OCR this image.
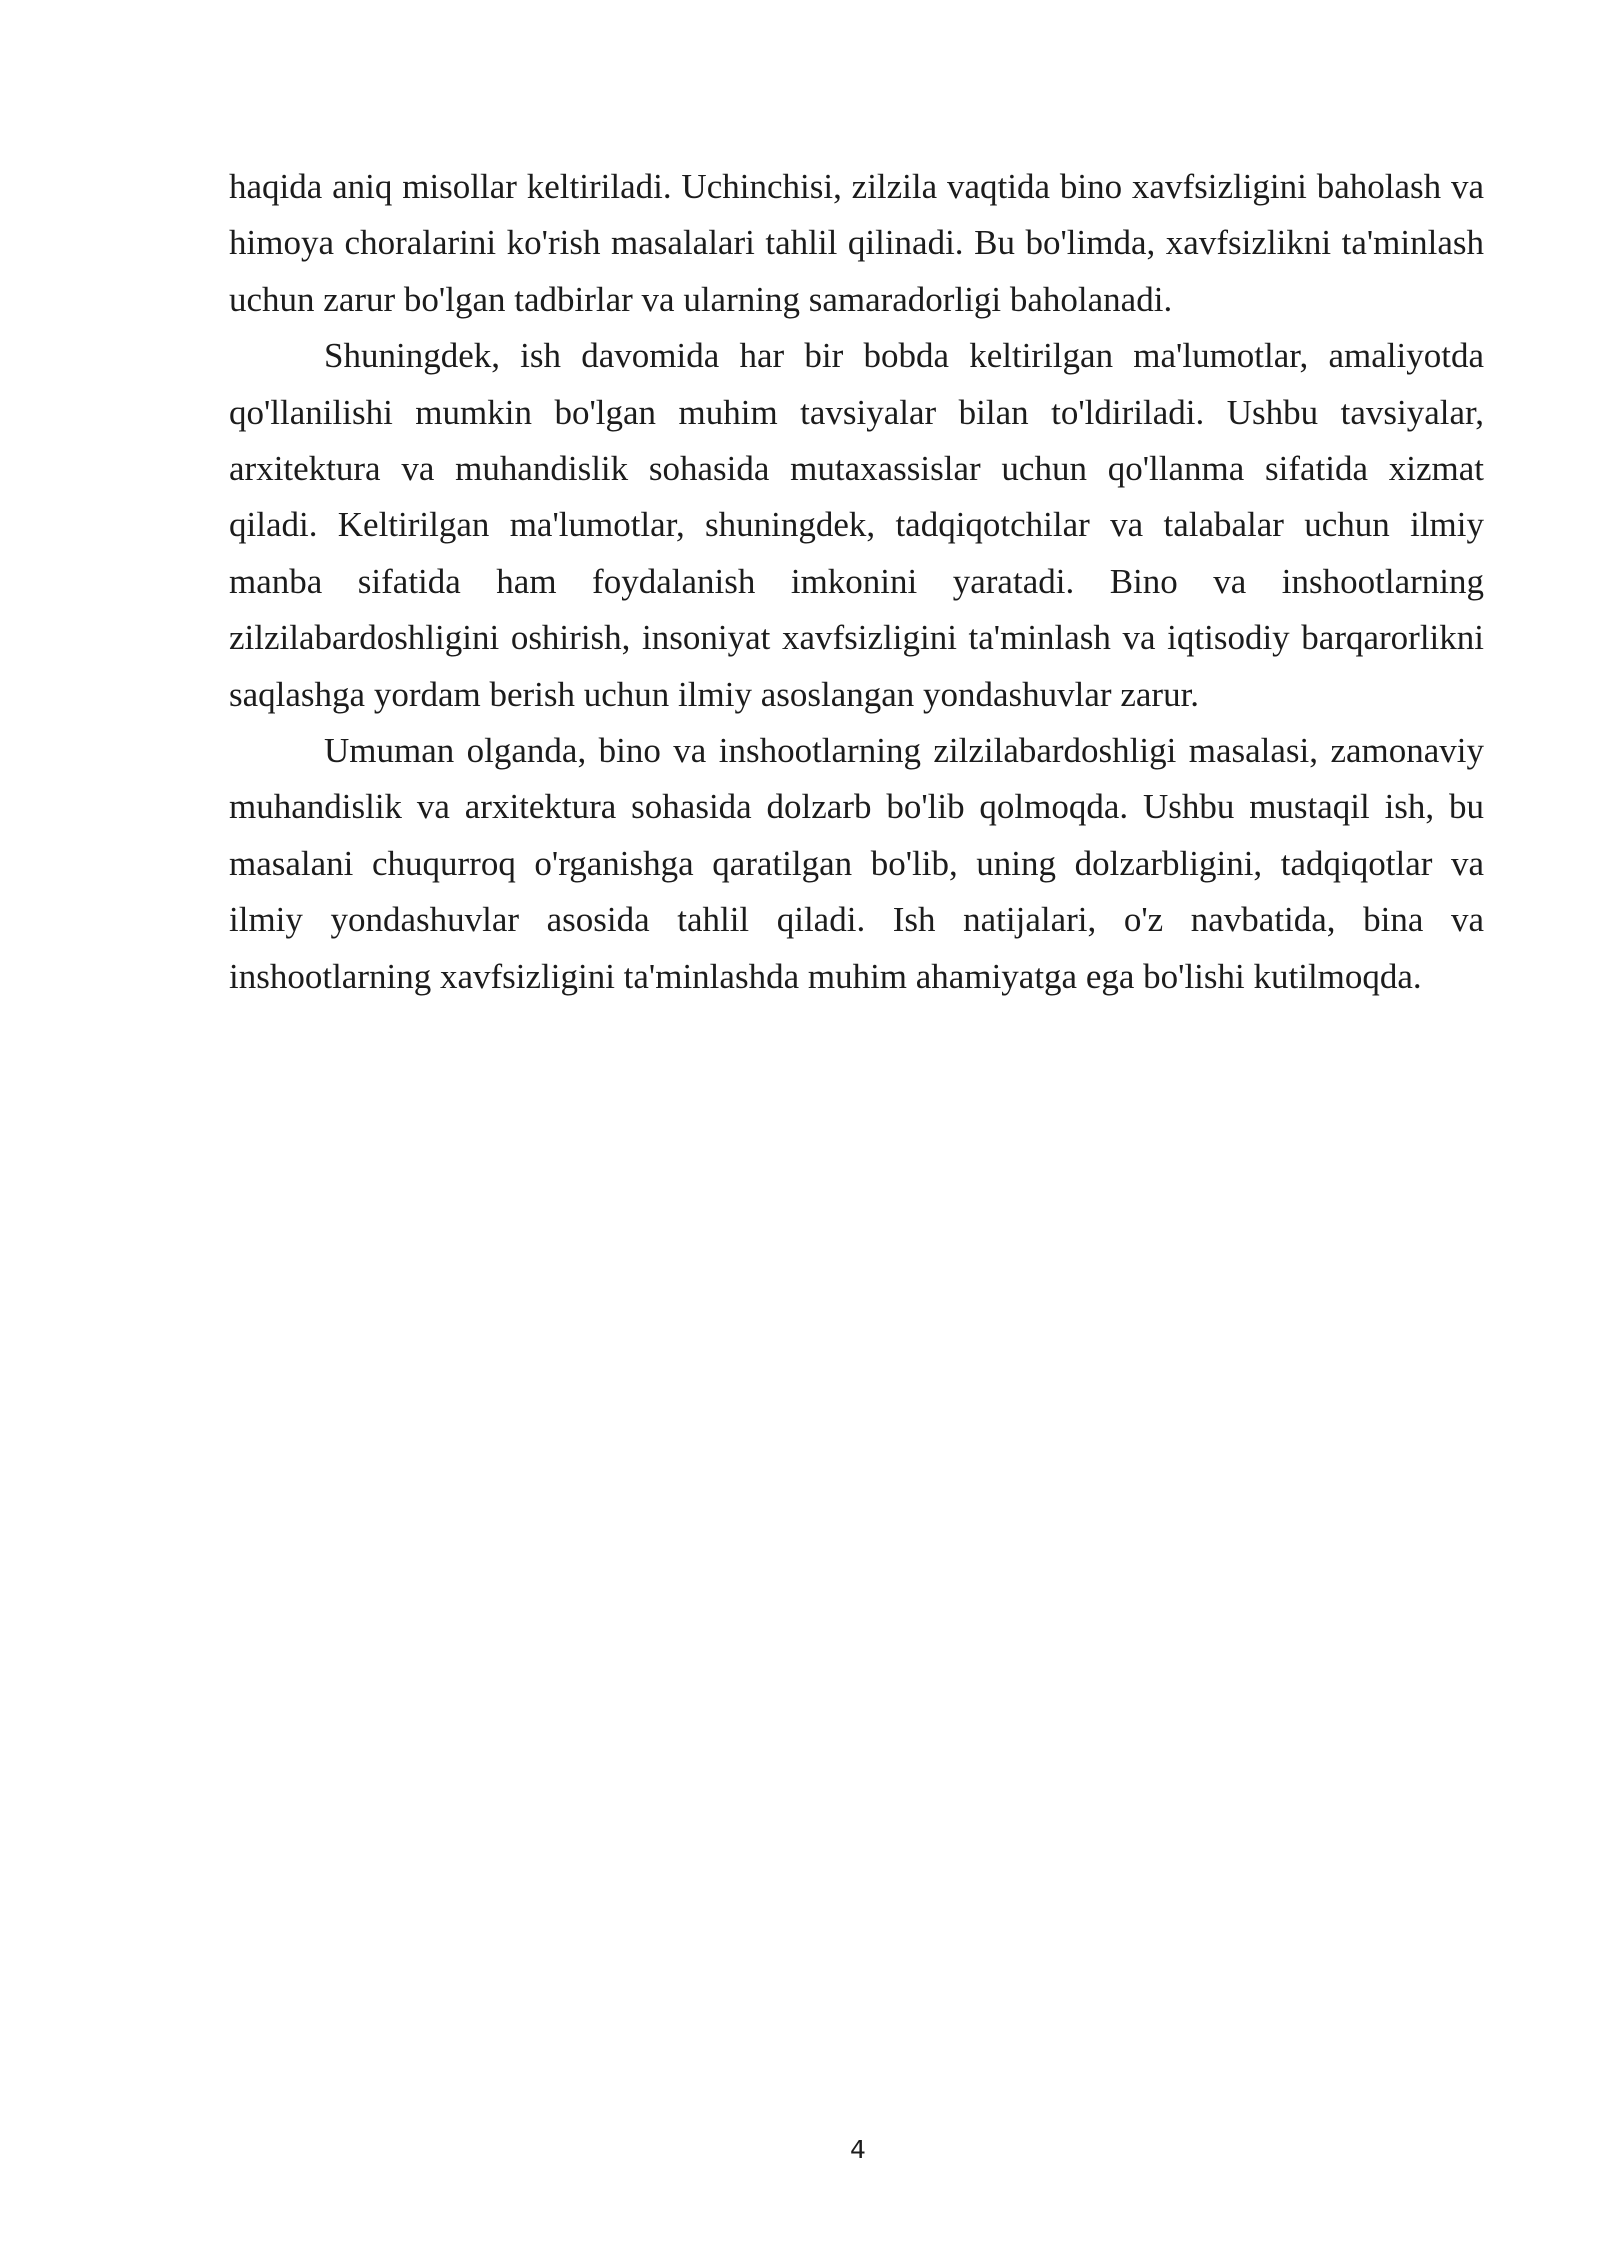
haqida aniq misollar keltiriladi. Uchinchisi, zilzila vaqtida bino xavfsizligini baholash va himoya choralarini ko'rish masalalari tahlil qilinadi. Bu bo'limda, xavfsizlikni ta'minlash uchun zarur bo'lgan tadbirlar va ularning samaradorligi baholanadi.

Shuningdek, ish davomida har bir bobda keltirilgan ma'lumotlar, amaliyotda qo'llanilishi mumkin bo'lgan muhim tavsiyalar bilan to'ldiriladi. Ushbu tavsiyalar, arxitektura va muhandislik sohasida mutaxassislar uchun qo'llanma sifatida xizmat qiladi. Keltirilgan ma'lumotlar, shuningdek, tadqiqotchilar va talabalar uchun ilmiy manba sifatida ham foydalanish imkonini yaratadi. Bino va inshootlarning zilzilabardoshligini oshirish, insoniyat xavfsizligini ta'minlash va iqtisodiy barqarorlikni saqlashga yordam berish uchun ilmiy asoslangan yondashuvlar zarur.

Umuman olganda, bino va inshootlarning zilzilabardoshligi masalasi, zamonaviy muhandislik va arxitektura sohasida dolzarb bo'lib qolmoqda. Ushbu mustaqil ish, bu masalani chuqurroq o'rganishga qaratilgan bo'lib, uning dolzarbligini, tadqiqotlar va ilmiy yondashuvlar asosida tahlil qiladi. Ish natijalari, o'z navbatida, bina va inshootlarning xavfsizligini ta'minlashda muhim ahamiyatga ega bo'lishi kutilmoqda.

4
